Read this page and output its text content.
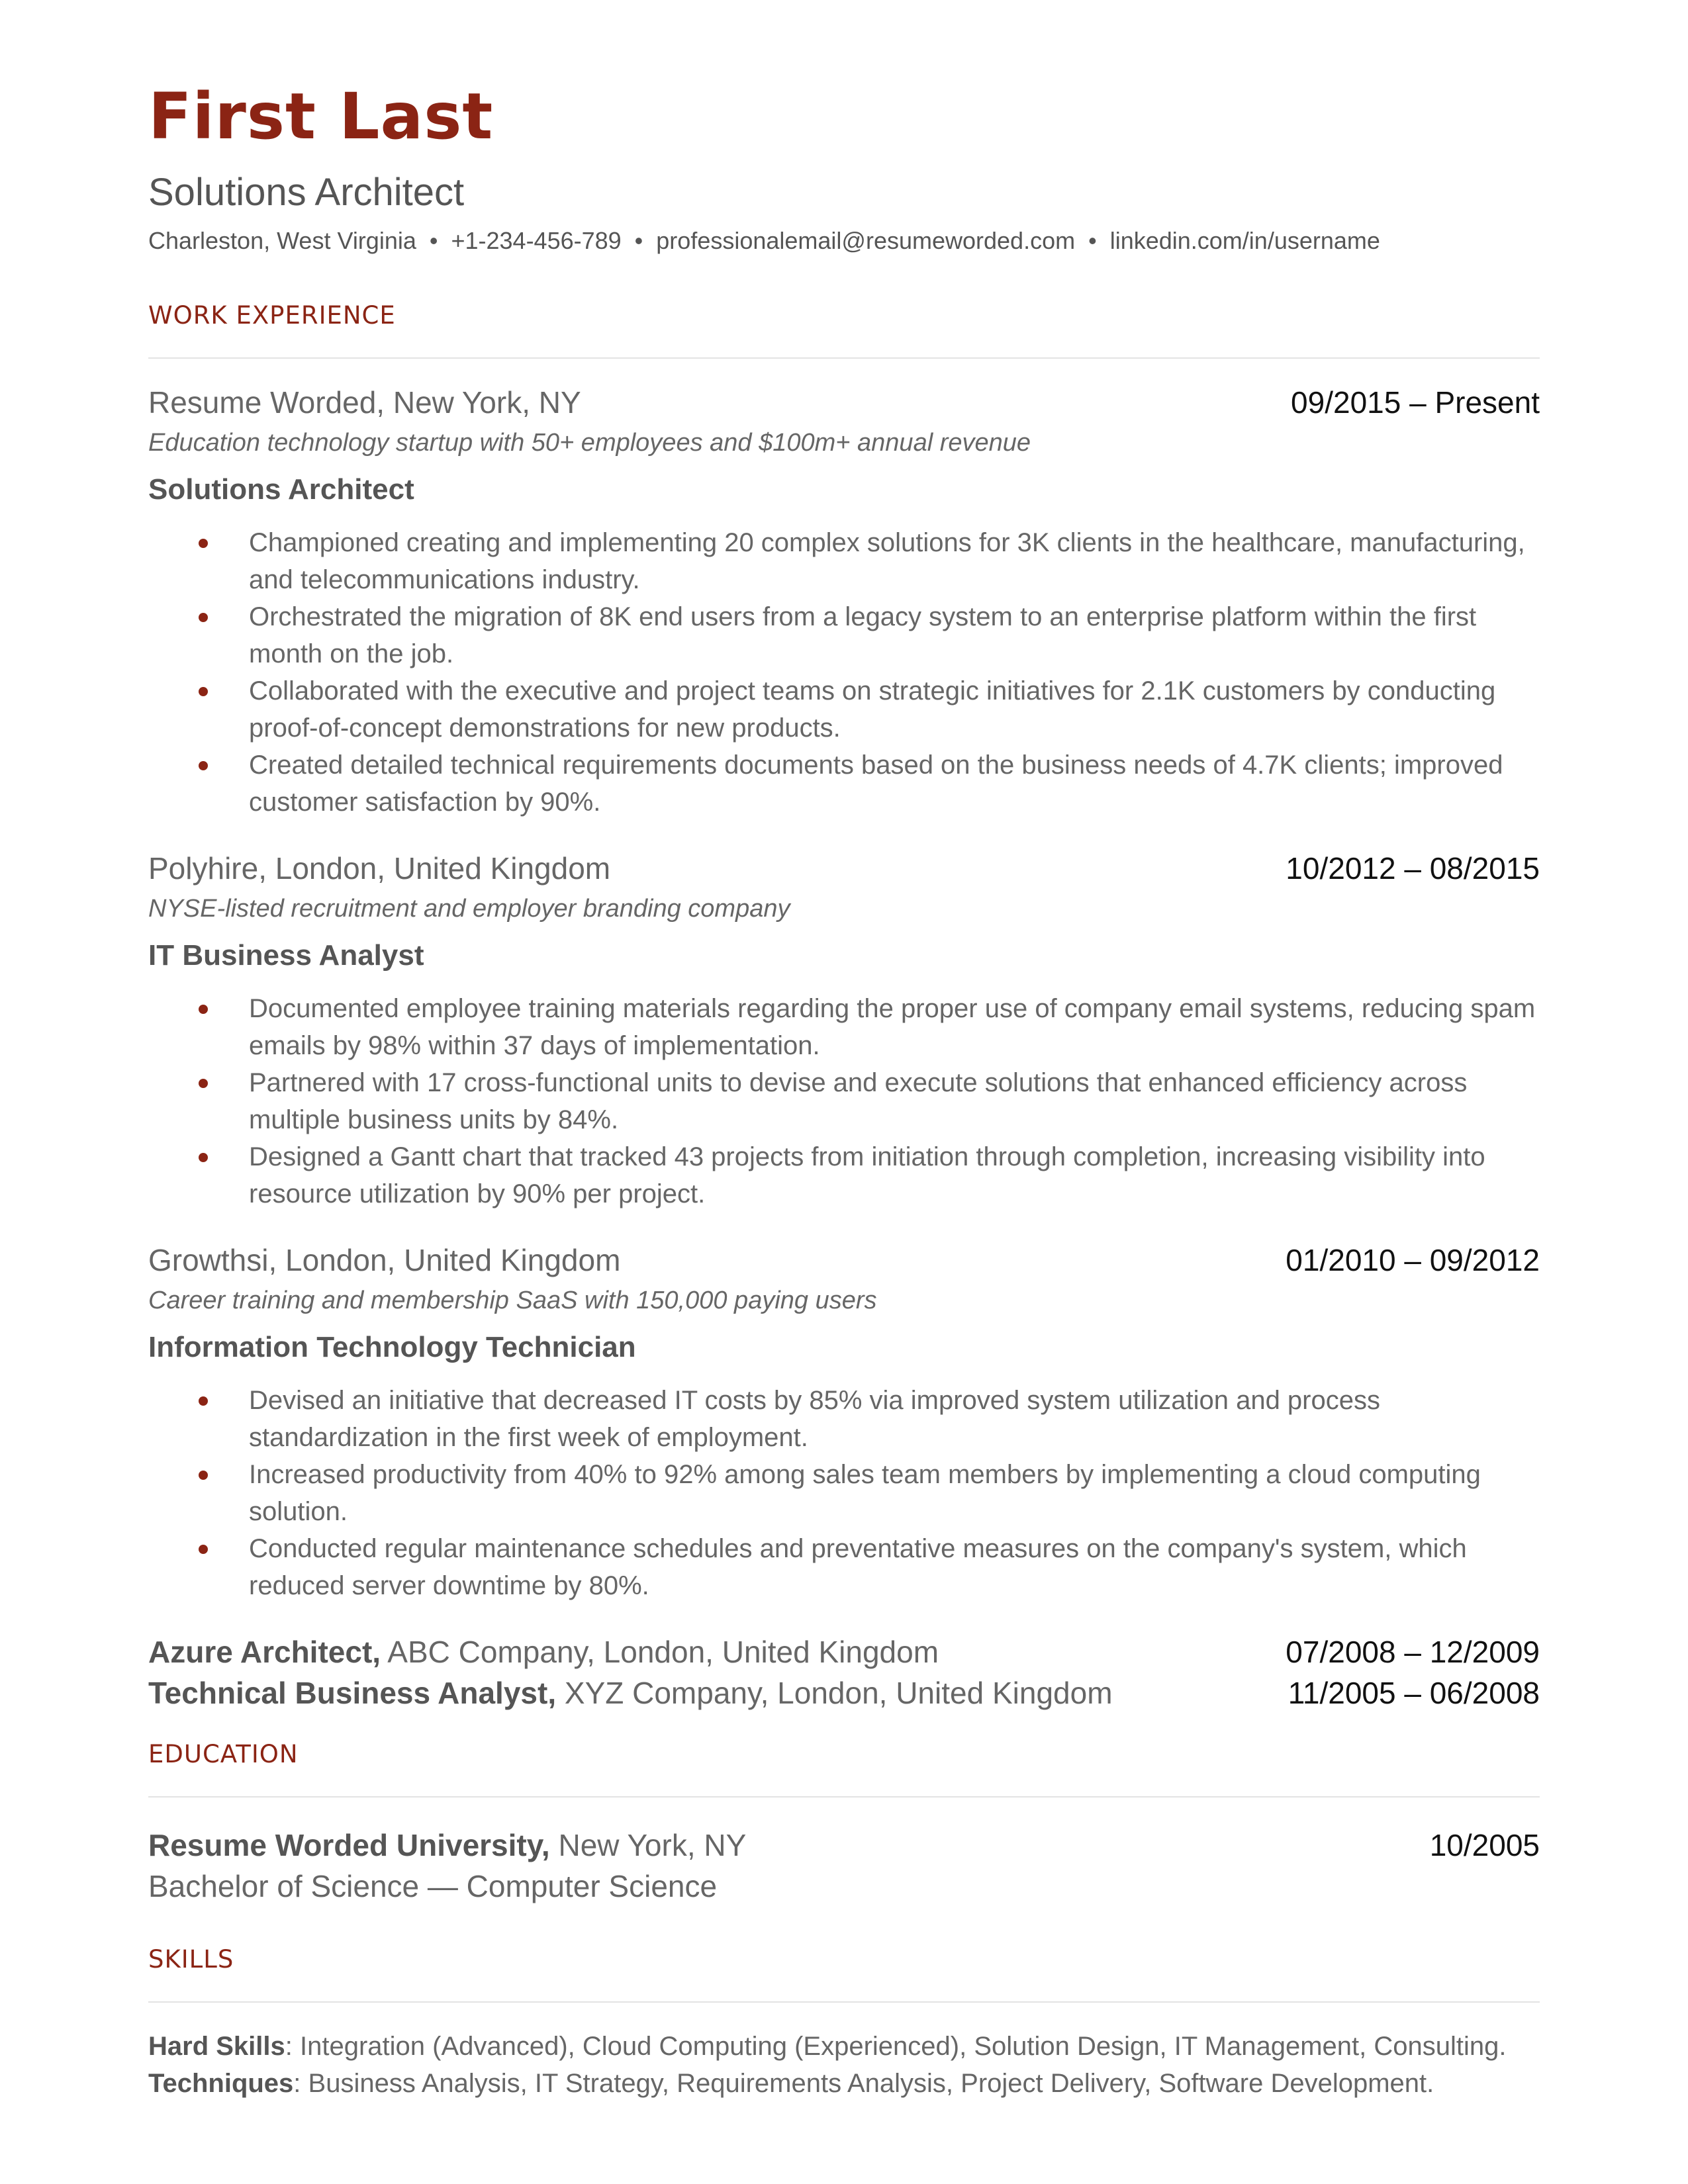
First Last
Solutions Architect
Charleston, West Virginia • +1-234-456-789 • professionalemail@resumeworded.com • linkedin.com/in/username
WORK EXPERIENCE
Resume Worded, New York, NY	09/2015 – Present
Education technology startup with 50+ employees and $100m+ annual revenue
Solutions Architect
Championed creating and implementing 20 complex solutions for 3K clients in the healthcare, manufacturing, and telecommunications industry.
Orchestrated the migration of 8K end users from a legacy system to an enterprise platform within the first month on the job.
Collaborated with the executive and project teams on strategic initiatives for 2.1K customers by conducting proof-of-concept demonstrations for new products.
Created detailed technical requirements documents based on the business needs of 4.7K clients; improved customer satisfaction by 90%.
Polyhire, London, United Kingdom	10/2012 – 08/2015
NYSE-listed recruitment and employer branding company
IT Business Analyst
Documented employee training materials regarding the proper use of company email systems, reducing spam emails by 98% within 37 days of implementation.
Partnered with 17 cross-functional units to devise and execute solutions that enhanced efficiency across multiple business units by 84%.
Designed a Gantt chart that tracked 43 projects from initiation through completion, increasing visibility into resource utilization by 90% per project.
Growthsi, London, United Kingdom	01/2010 – 09/2012
Career training and membership SaaS with 150,000 paying users
Information Technology Technician
Devised an initiative that decreased IT costs by 85% via improved system utilization and process standardization in the first week of employment.
Increased productivity from 40% to 92% among sales team members by implementing a cloud computing solution.
Conducted regular maintenance schedules and preventative measures on the company's system, which reduced server downtime by 80%.
Azure Architect, ABC Company, London, United Kingdom	07/2008 – 12/2009
Technical Business Analyst, XYZ Company, London, United Kingdom	11/2005 – 06/2008
EDUCATION
Resume Worded University, New York, NY	10/2005
Bachelor of Science — Computer Science
SKILLS
Hard Skills: Integration (Advanced), Cloud Computing (Experienced), Solution Design, IT Management, Consulting.
Techniques: Business Analysis, IT Strategy, Requirements Analysis, Project Delivery, Software Development.
